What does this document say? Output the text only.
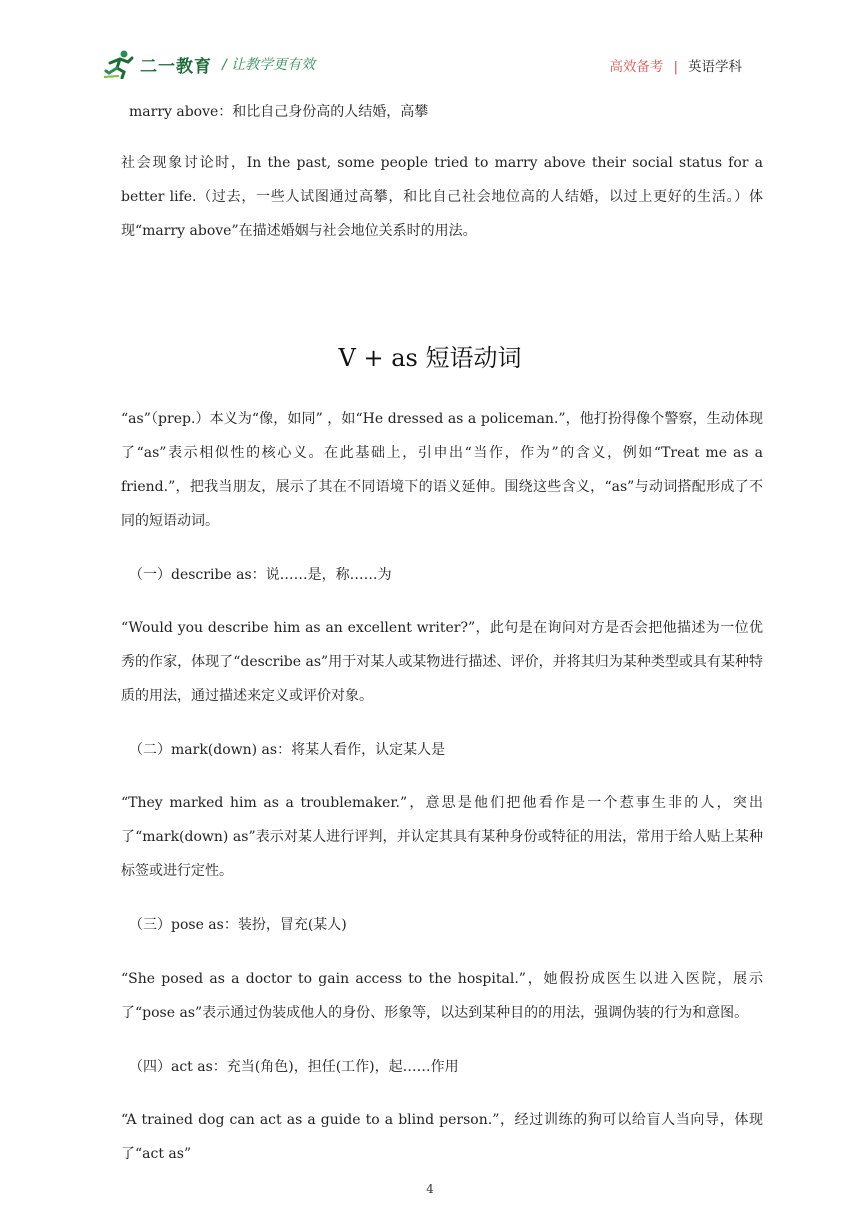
二一教育 / 让教学更有效	高效备考 | 英语学科

marry above：和比自己身份高的人结婚，高攀

社会现象讨论时，In the past, some people tried to marry above their social status for a better life.（过去，一些人试图通过高攀，和比自己社会地位高的人结婚，以过上更好的生活。）体现“marry above”在描述婚姻与社会地位关系时的用法。

V + as 短语动词

“as”（prep.）本义为“像，如同” ，如“He dressed as a policeman.”，他打扮得像个警察，生动体现了“as”表示相似性的核心义。在此基础上，引申出“当作，作为”的含义，例如“Treat me as a friend.”，把我当朋友，展示了其在不同语境下的语义延伸。围绕这些含义，“as”与动词搭配形成了不同的短语动词。

（一）describe as：说……是，称……为

“Would you describe him as an excellent writer?”，此句是在询问对方是否会把他描述为一位优秀的作家，体现了“describe as”用于对某人或某物进行描述、评价，并将其归为某种类型或具有某种特质的用法，通过描述来定义或评价对象。

（二）mark(down) as：将某人看作，认定某人是

“They marked him as a troublemaker.”，意思是他们把他看作是一个惹事生非的人，突出了“mark(down) as”表示对某人进行评判，并认定其具有某种身份或特征的用法，常用于给人贴上某种标签或进行定性。

（三）pose as：装扮，冒充(某人)

“She posed as a doctor to gain access to the hospital.”，她假扮成医生以进入医院，展示了“pose as”表示通过伪装成他人的身份、形象等，以达到某种目的的用法，强调伪装的行为和意图。

（四）act as：充当(角色)，担任(工作)，起……作用

“A trained dog can act as a guide to a blind person.”，经过训练的狗可以给盲人当向导，体现了“act as”

4
